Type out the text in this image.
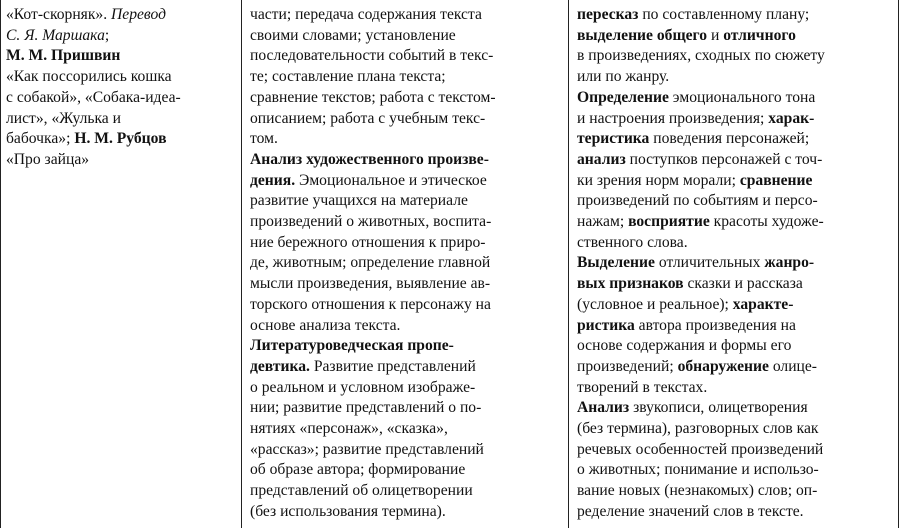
«Кот-скорняк». Перевод
С. Я. Маршака;
М. М. Пришвин
«Как поссорились кошка
с собакой», «Собака-идеа-
лист», «Жулька и
бабочка»; Н. М. Рубцов
«Про зайца»
части; передача содержания текста
своими словами; установление
последовательности событий в текс-
те; составление плана текста;
сравнение текстов; работа с текстом-
описанием; работа с учебным текс-
том.
Анализ художественного произве-
дения. Эмоциональное и этическое
развитие учащихся на материале
произведений о животных, воспита-
ние бережного отношения к приро-
де, животным; определение главной
мысли произведения, выявление ав-
торского отношения к персонажу на
основе анализа текста.
Литературоведческая пропе-
девтика. Развитие представлений
о реальном и условном изображе-
нии; развитие представлений о по-
нятиях «персонаж», «сказка»,
«рассказ»; развитие представлений
об образе автора; формирование
представлений об олицетворении
(без использования термина).
пересказ по составленному плану;
выделение общего и отличного
в произведениях, сходных по сюжету
или по жанру.
Определение эмоционального тона
и настроения произведения; харак-
теристика поведения персонажей;
анализ поступков персонажей с точ-
ки зрения норм морали; сравнение
произведений по событиям и персо-
нажам; восприятие красоты художе-
ственного слова.
Выделение отличительных жанро-
вых признаков сказки и рассказа
(условное и реальное); характе-
ристика автора произведения на
основе содержания и формы его
произведений; обнаружение олице-
творений в текстах.
Анализ звукописи, олицетворения
(без термина), разговорных слов как
речевых особенностей произведений
о животных; понимание и использо-
вание новых (незнакомых) слов; оп-
ределение значений слов в тексте.
